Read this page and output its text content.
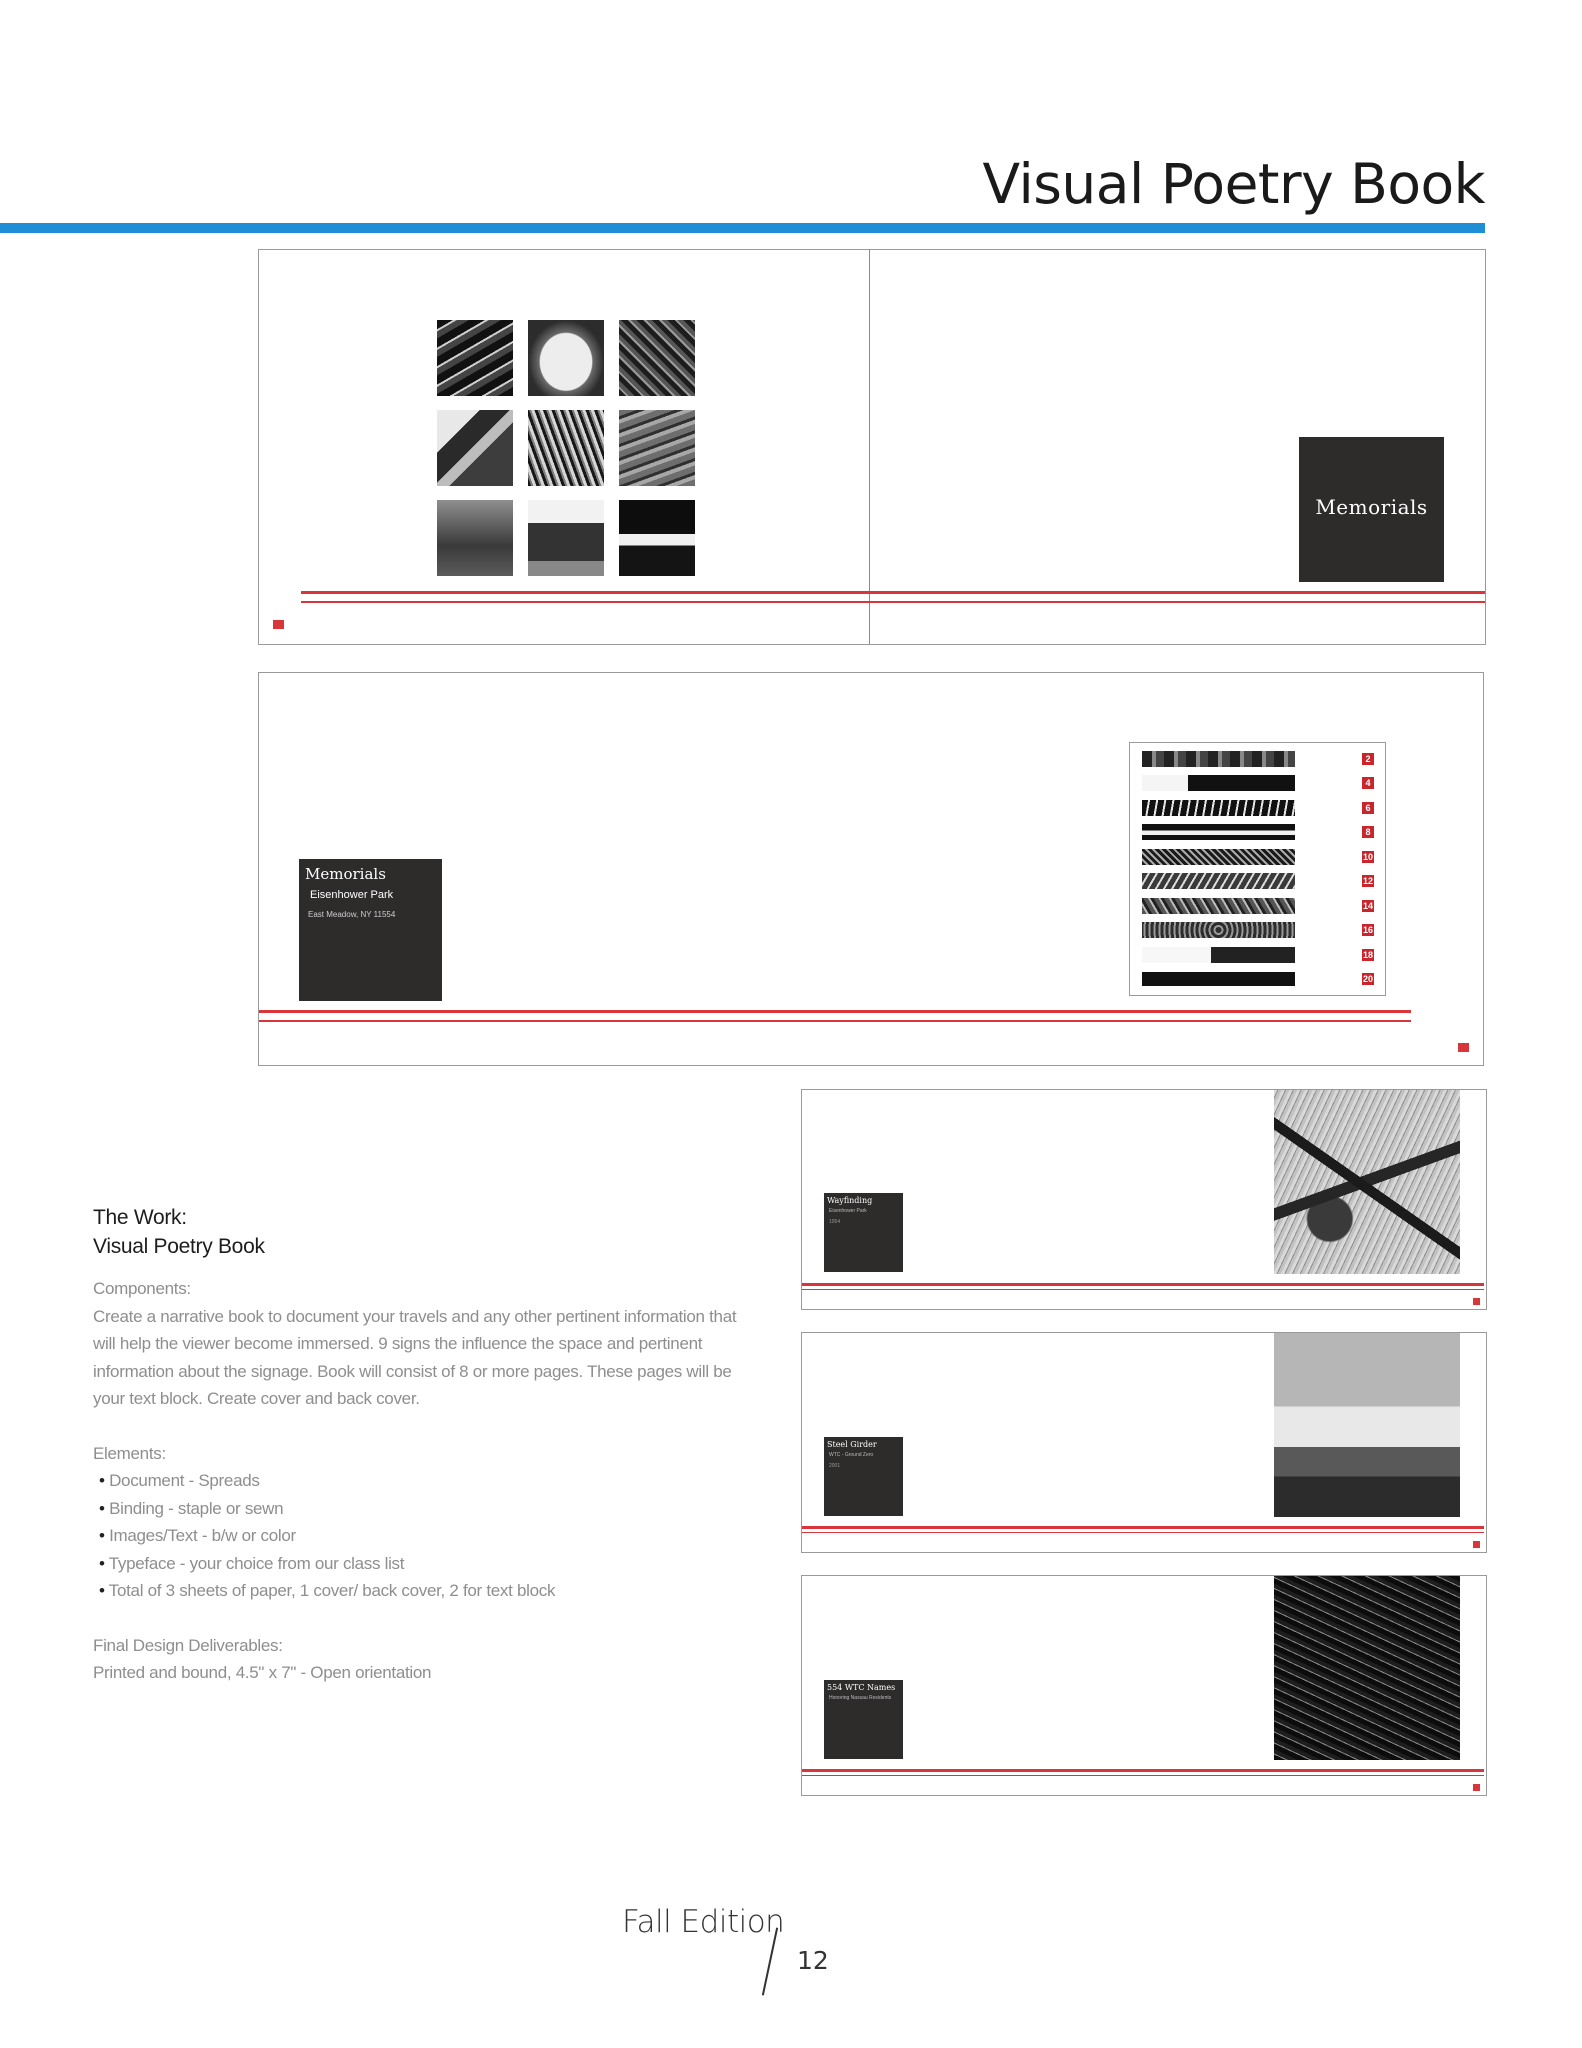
Visual Poetry Book
Memorials
Memorials
Eisenhower Park
East Meadow, NY 11554
2
4
6
8
10
12
14
16
18
20
Wayfinding
Eisenhower Park
1954
Steel Girder
WTC - Ground Zero
2001
554 WTC Names
Honoring Nassau Residents
The Work:
Visual Poetry Book
Components:
Create a narrative book to document your travels and any other pertinent information that
will help the viewer become immersed. 9 signs the influence the space and pertinent
information about the signage. Book will consist of 8 or more pages. These pages will be
your text block. Create cover and back cover.
Elements:
• Document - Spreads
• Binding - staple or sewn
• Images/Text - b/w or color
• Typeface - your choice from our class list
• Total of 3 sheets of paper, 1 cover/ back cover, 2 for text block
Final Design Deliverables:
Printed and bound, 4.5" x 7" - Open orientation
Fall Edition
12
